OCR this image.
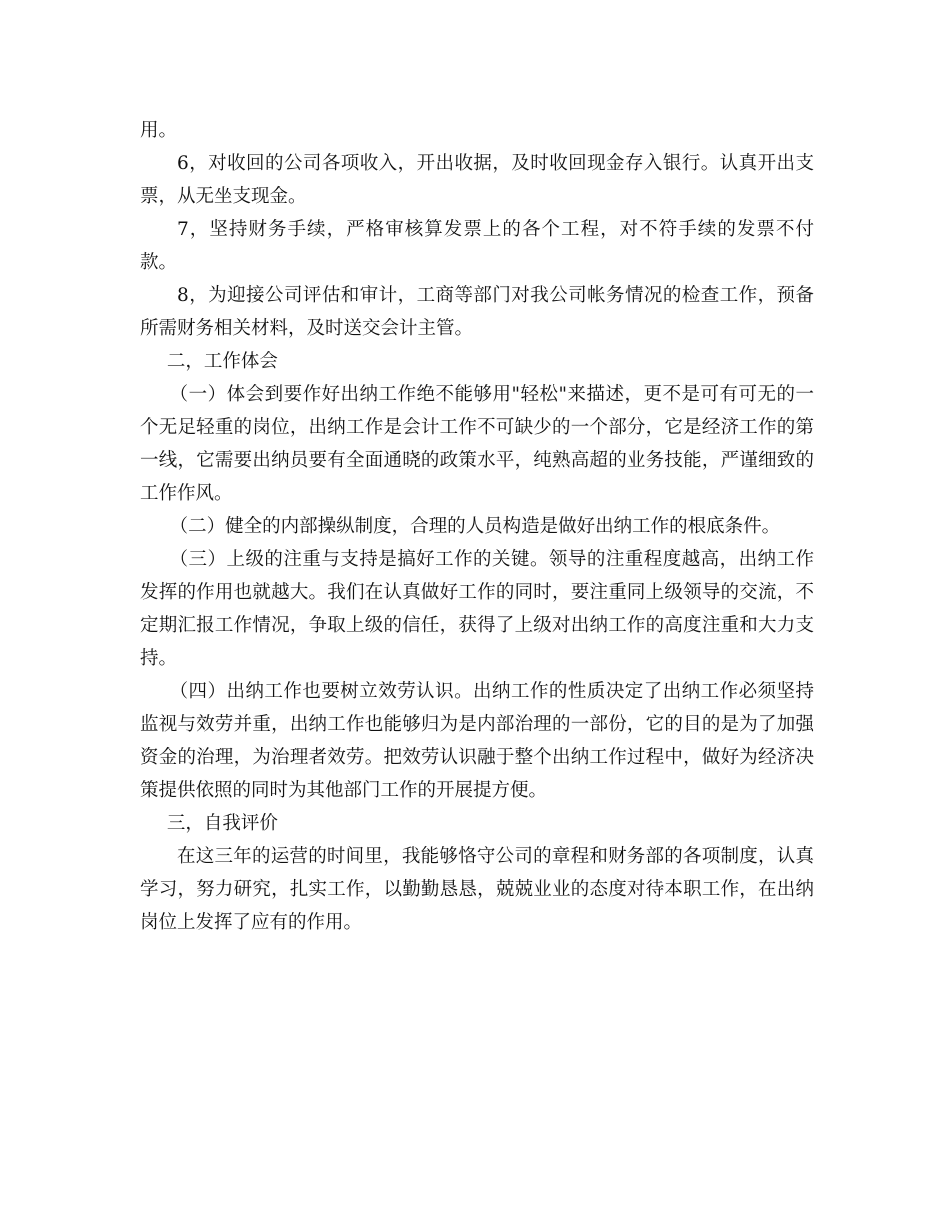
用。

6，对收回的公司各项收入，开出收据，及时收回现金存入银行。认真开出支票，从无坐支现金。

7，坚持财务手续，严格审核算发票上的各个工程，对不符手续的发票不付款。

8，为迎接公司评估和审计，工商等部门对我公司帐务情况的检查工作，预备所需财务相关材料，及时送交会计主管。

二，工作体会

（一）体会到要作好出纳工作绝不能够用"轻松"来描述，更不是可有可无的一个无足轻重的岗位，出纳工作是会计工作不可缺少的一个部分，它是经济工作的第一线，它需要出纳员要有全面通晓的政策水平，纯熟高超的业务技能，严谨细致的工作作风。

（二）健全的内部操纵制度，合理的人员构造是做好出纳工作的根底条件。

（三）上级的注重与支持是搞好工作的关键。领导的注重程度越高，出纳工作发挥的作用也就越大。我们在认真做好工作的同时，要注重同上级领导的交流，不定期汇报工作情况，争取上级的信任，获得了上级对出纳工作的高度注重和大力支持。

（四）出纳工作也要树立效劳认识。出纳工作的性质决定了出纳工作必须坚持监视与效劳并重，出纳工作也能够归为是内部治理的一部份，它的目的是为了加强资金的治理，为治理者效劳。把效劳认识融于整个出纳工作过程中，做好为经济决策提供依照的同时为其他部门工作的开展提方便。

三，自我评价

在这三年的运营的时间里，我能够恪守公司的章程和财务部的各项制度，认真学习，努力研究，扎实工作，以勤勤恳恳，兢兢业业的态度对待本职工作，在出纳岗位上发挥了应有的作用。
